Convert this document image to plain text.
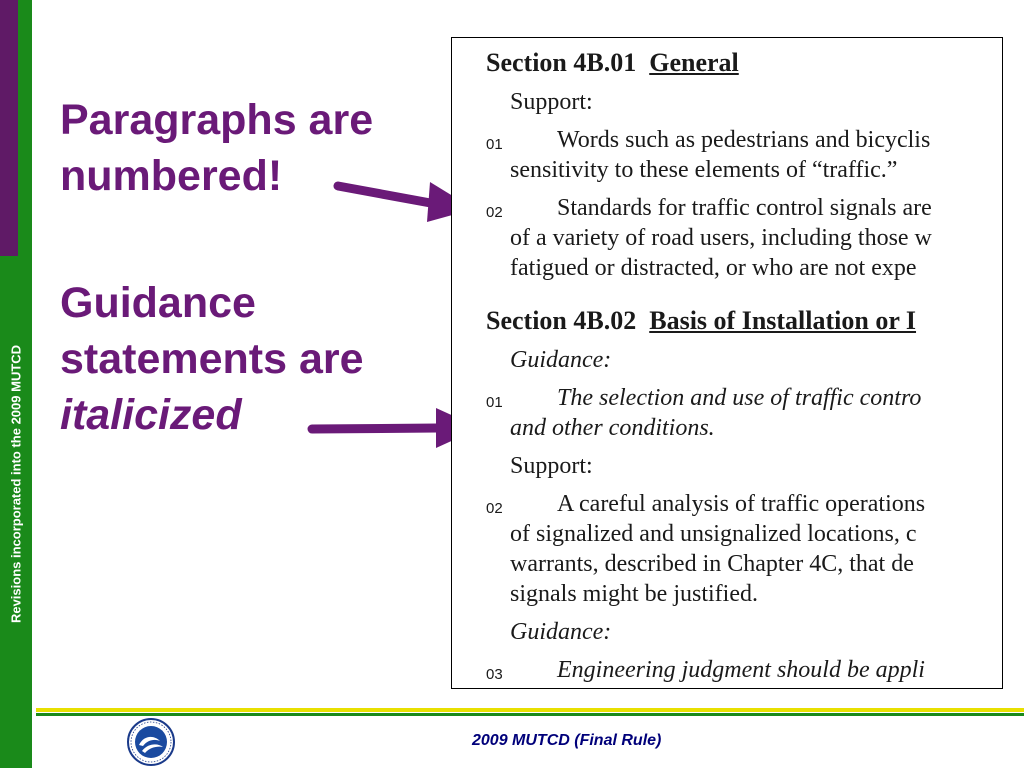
Revisions incorporated into the 2009 MUTCD
Paragraphs are
numbered!
Guidance
statements are
italicized
Section 4B.01 General
Support:
01 Words such as pedestrians and bicyclis
sensitivity to these elements of “traffic.”
02 Standards for traffic control signals are
of a variety of road users, including those w
fatigued or distracted, or who are not expe
Section 4B.02 Basis of Installation or I
Guidance:
01 The selection and use of traffic contro
and other conditions.
Support:
02 A careful analysis of traffic operations
of signalized and unsignalized locations, c
warrants, described in Chapter 4C, that de
signals might be justified.
Guidance:
03 Engineering judgment should be appli
2009 MUTCD (Final Rule)
